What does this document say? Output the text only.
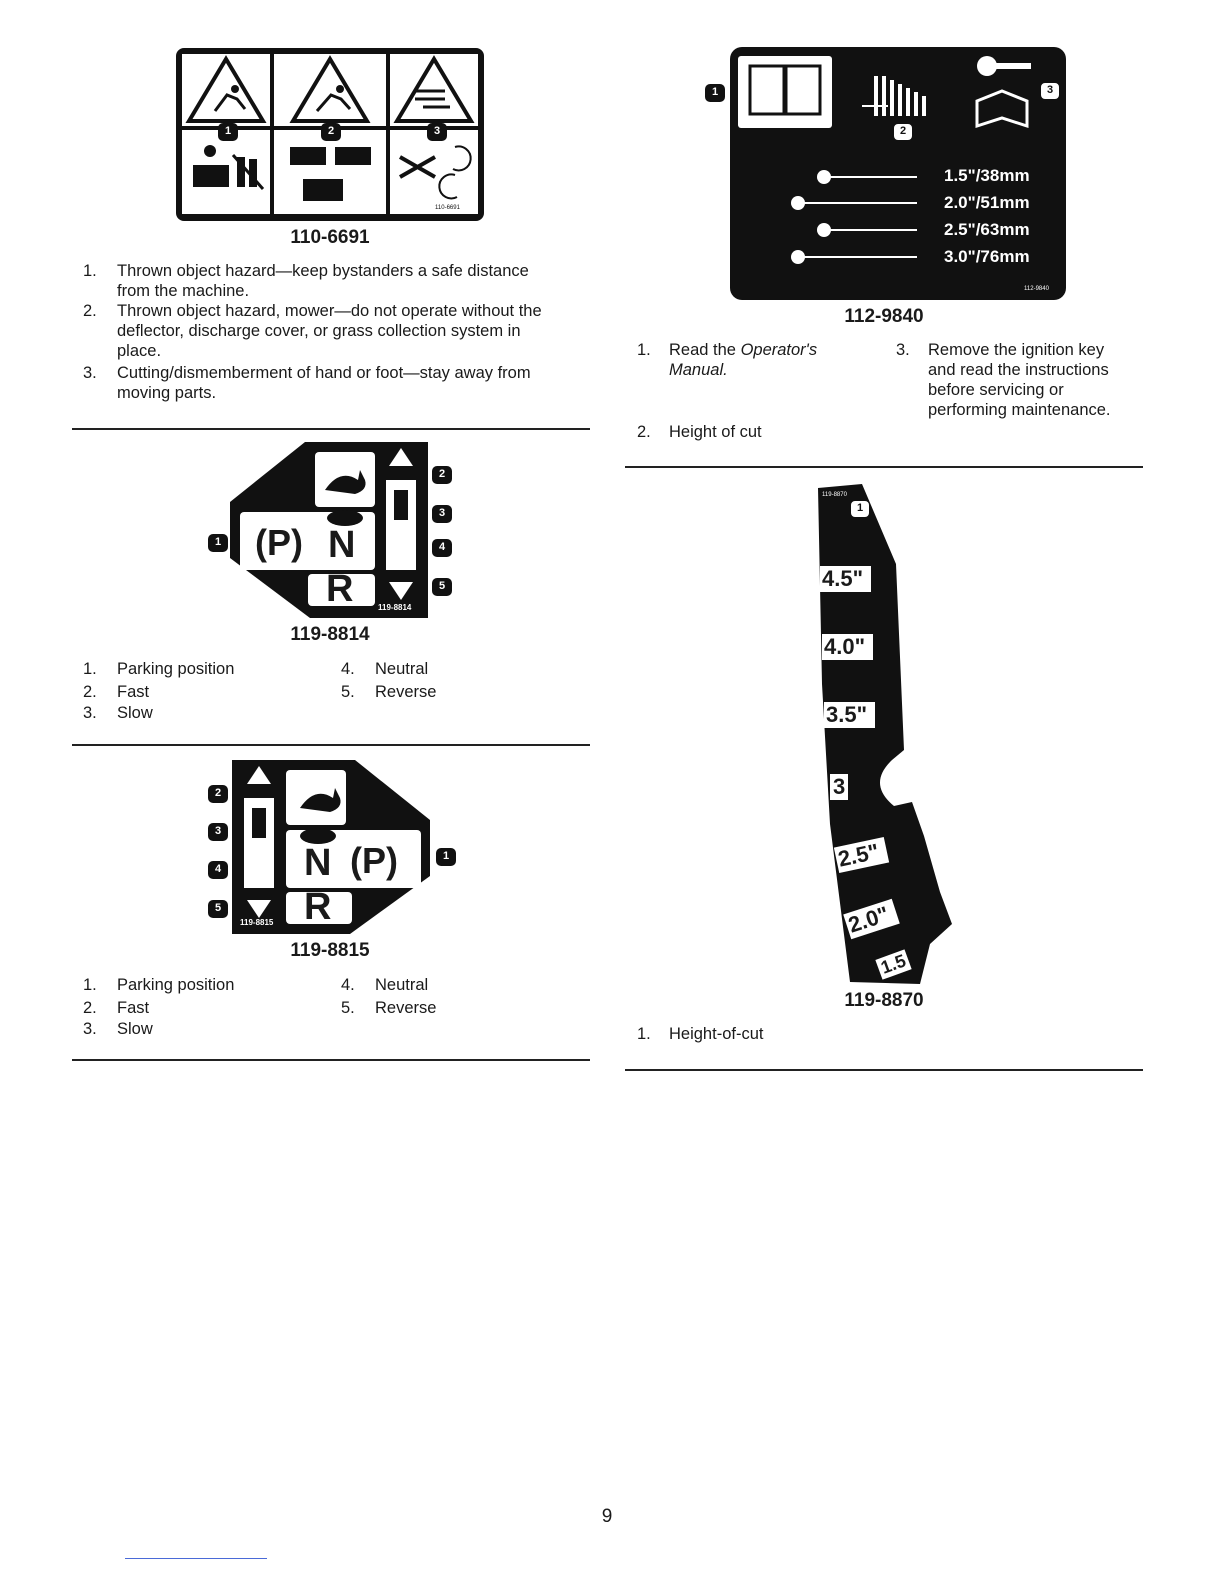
1	2	3
110-6691
110-6691
1. Thrown object hazard—keep bystanders a safe distance
from the machine.
2. Thrown object hazard, mower—do not operate without the
deflector, discharge cover, or grass collection system in
place.
3. Cutting/dismemberment of hand or foot—stay away from
moving parts.
(P) N
R	119-8814
1
2
3
4
5
119-8814
1. Parking position
2. Fast
3. Slow
4. Neutral
5. Reverse
N (P)
R
119-8815
1
2
3
4
5
119-8815
1. Parking position
2. Fast
3. Slow
4. Neutral
5. Reverse
1
2
3
1.5"/38mm
2.0"/51mm
2.5"/63mm
3.0"/76mm
112-9840
112-9840
1. Read the Operator's Manual.
3. Remove the ignition key
and read the instructions
before servicing or
performing maintenance.
2. Height of cut
1
119-8870
4.5"
4.0"
3.5"
3
2.5"
2.0"
1.5
119-8870
1. Height-of-cut
9
